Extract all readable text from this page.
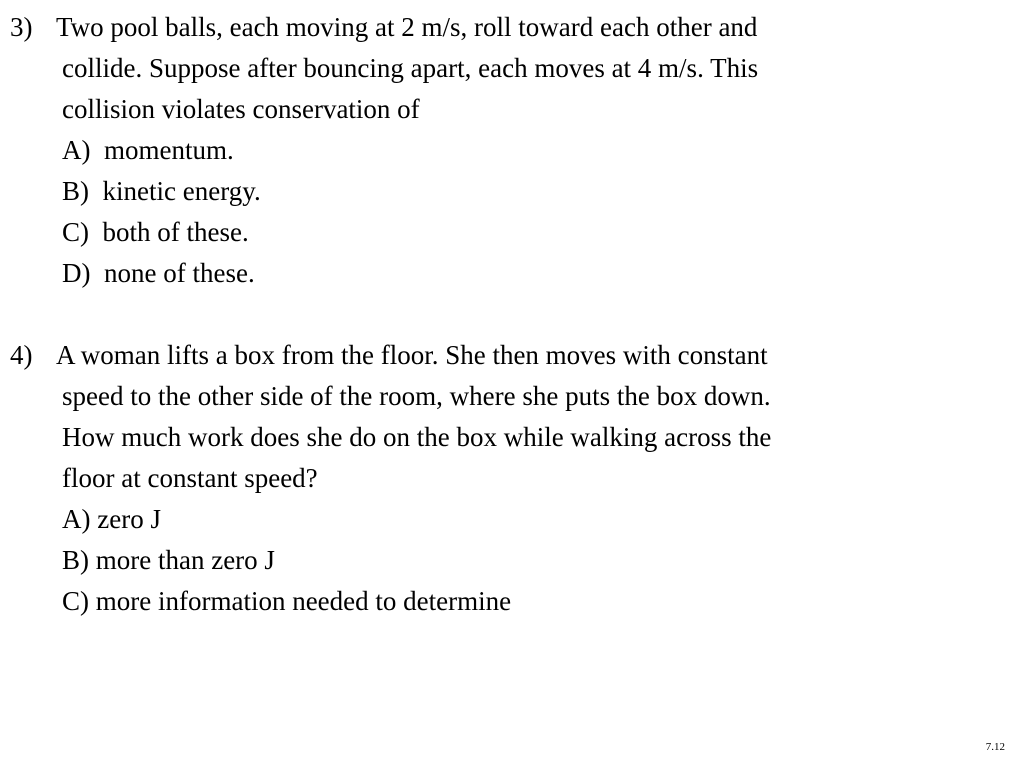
3) Two pool balls, each moving at 2 m/s, roll toward each other and
collide. Suppose after bouncing apart, each moves at 4 m/s. This
collision violates conservation of
A)  momentum.
B)  kinetic energy.
C)  both of these.
D)  none of these.
4) A woman lifts a box from the floor. She then moves with constant
speed to the other side of the room, where she puts the box down.
How much work does she do on the box while walking across the
floor at constant speed?
A) zero J
B) more than zero J
C) more information needed to determine
7.12
